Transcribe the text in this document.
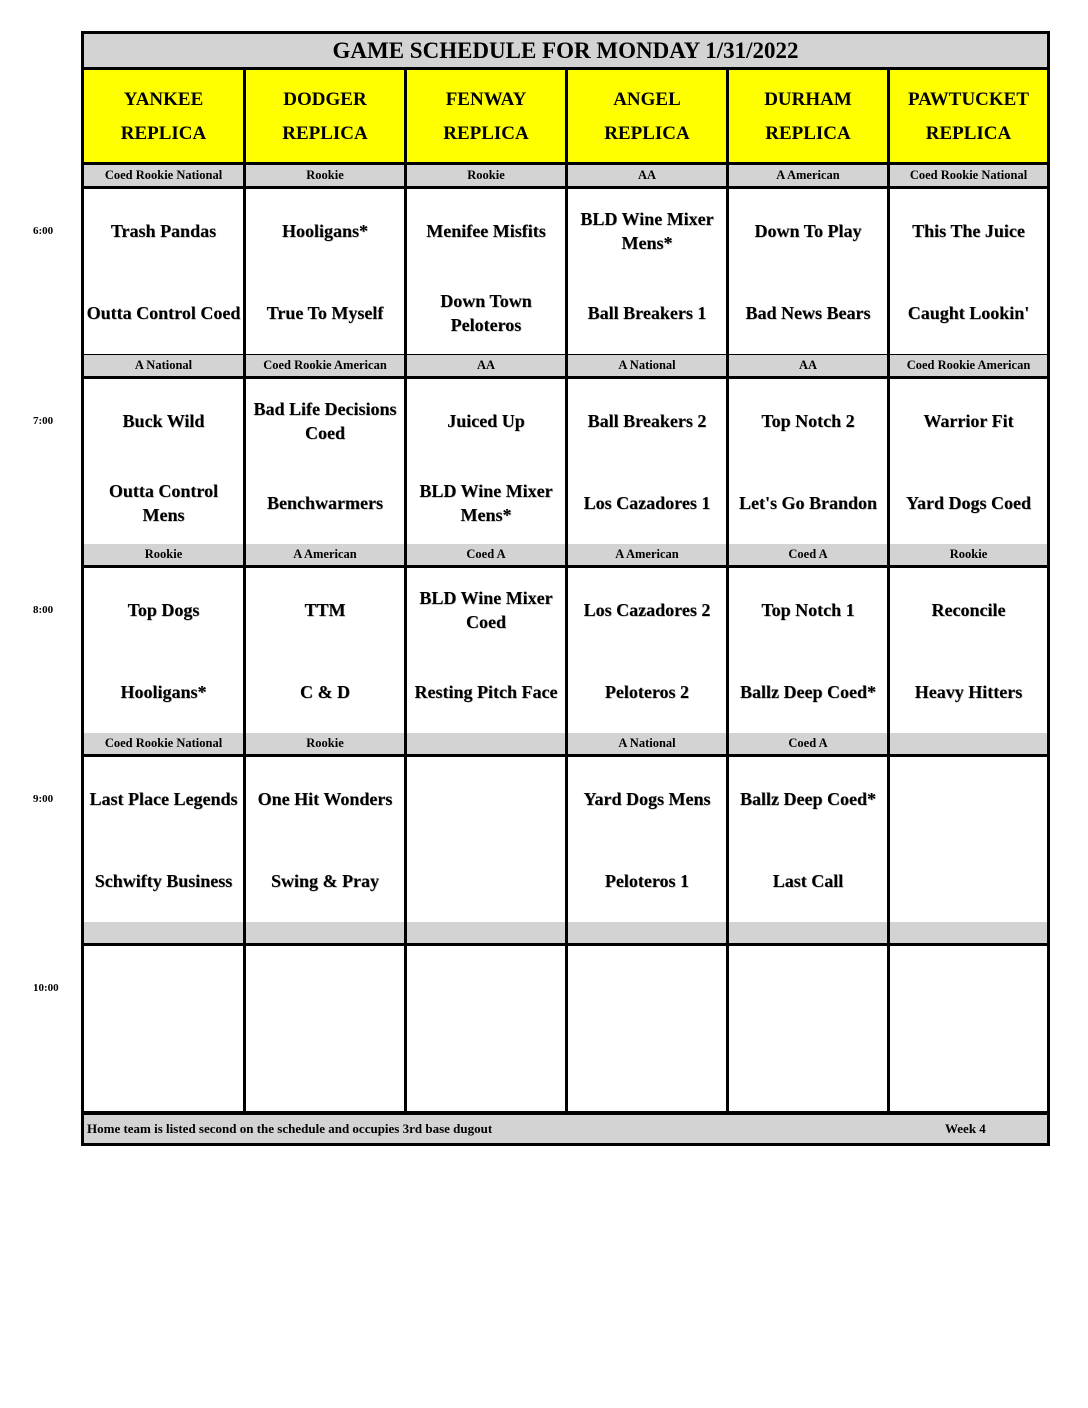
GAME SCHEDULE FOR MONDAY 1/31/2022
YANKEE
REPLICA
DODGER
REPLICA
FENWAY
REPLICA
ANGEL
REPLICA
DURHAM
REPLICA
PAWTUCKET
REPLICA
Coed Rookie National
Trash Pandas
Outta Control Coed
Rookie
Hooligans*
True To Myself
Rookie
Menifee Misfits
Down Town Peloteros
AA
BLD Wine Mixer Mens*
Ball Breakers 1
A American
Down To Play
Bad News Bears
Coed Rookie National
This The Juice
Caught Lookin'
A National
Buck Wild
Outta Control Mens
Coed Rookie American
Bad Life Decisions Coed
Benchwarmers
AA
Juiced Up
BLD Wine Mixer Mens*
A National
Ball Breakers 2
Los Cazadores 1
AA
Top Notch 2
Let's Go Brandon
Coed Rookie American
Warrior Fit
Yard Dogs Coed
Rookie
Top Dogs
Hooligans*
A American
TTM
C & D
Coed A
BLD Wine Mixer Coed
Resting Pitch Face
A American
Los Cazadores 2
Peloteros 2
Coed A
Top Notch 1
Ballz Deep Coed*
Rookie
Reconcile
Heavy Hitters
Coed Rookie National
Last Place Legends
Schwifty Business
Rookie
One Hit Wonders
Swing & Pray
A National
Yard Dogs Mens
Peloteros 1
Coed A
Ballz Deep Coed*
Last Call
Home team is listed second on the schedule and occupies 3rd base dugout	Week 4
6:00
7:00
8:00
9:00
10:00
